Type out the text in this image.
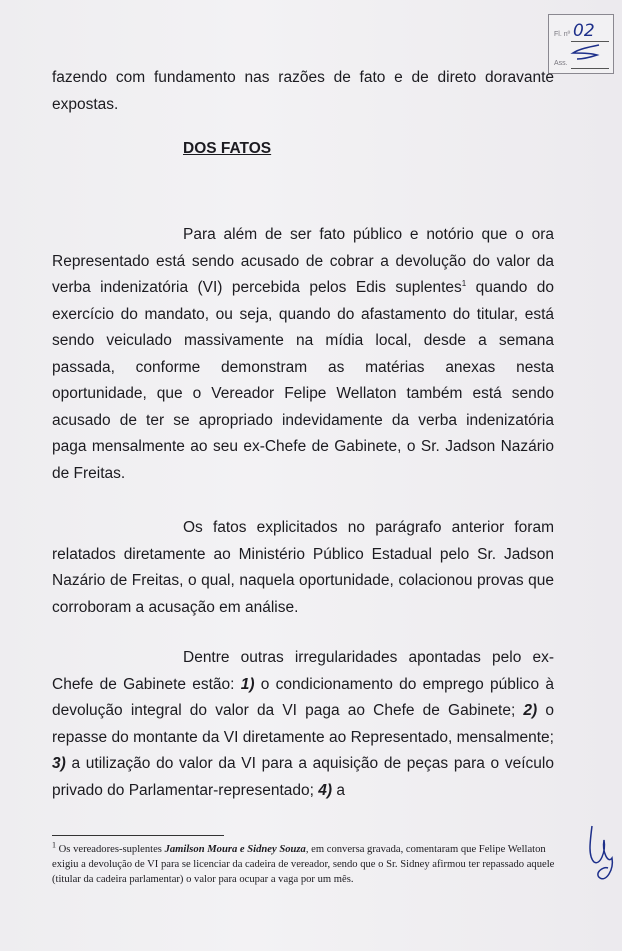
Fl. nº 02
Ass.

fazendo com fundamento nas razões de fato e de direto doravante expostas.

DOS FATOS

Para além de ser fato público e notório que o ora Representado está sendo acusado de cobrar a devolução do valor da verba indenizatória (VI) percebida pelos Edis suplentes$^1$ quando do exercício do mandato, ou seja, quando do afastamento do titular, está sendo veiculado massivamente na mídia local, desde a semana passada, conforme demonstram as matérias anexas nesta oportunidade, que o Vereador Felipe Wellaton também está sendo acusado de ter se apropriado indevidamente da verba indenizatória paga mensalmente ao seu ex-Chefe de Gabinete, o Sr. Jadson Nazário de Freitas.

Os fatos explicitados no parágrafo anterior foram relatados diretamente ao Ministério Público Estadual pelo Sr. Jadson Nazário de Freitas, o qual, naquela oportunidade, colacionou provas que corroboram a acusação em análise.

Dentre outras irregularidades apontadas pelo ex-Chefe de Gabinete estão: 1) o condicionamento do emprego público à devolução integral do valor da VI paga ao Chefe de Gabinete; 2) o repasse do montante da VI diretamente ao Representado, mensalmente; 3) a utilização do valor da VI para a aquisição de peças para o veículo privado do Parlamentar-representado; 4) a

$^1$ Os vereadores-suplentes Jamilson Moura e Sidney Souza, em conversa gravada, comentaram que Felipe Wellaton exigiu a devolução de VI para se licenciar da cadeira de vereador, sendo que o Sr. Sidney afirmou ter repassado aquele (titular da cadeira parlamentar) o valor para ocupar a vaga por um mês.
